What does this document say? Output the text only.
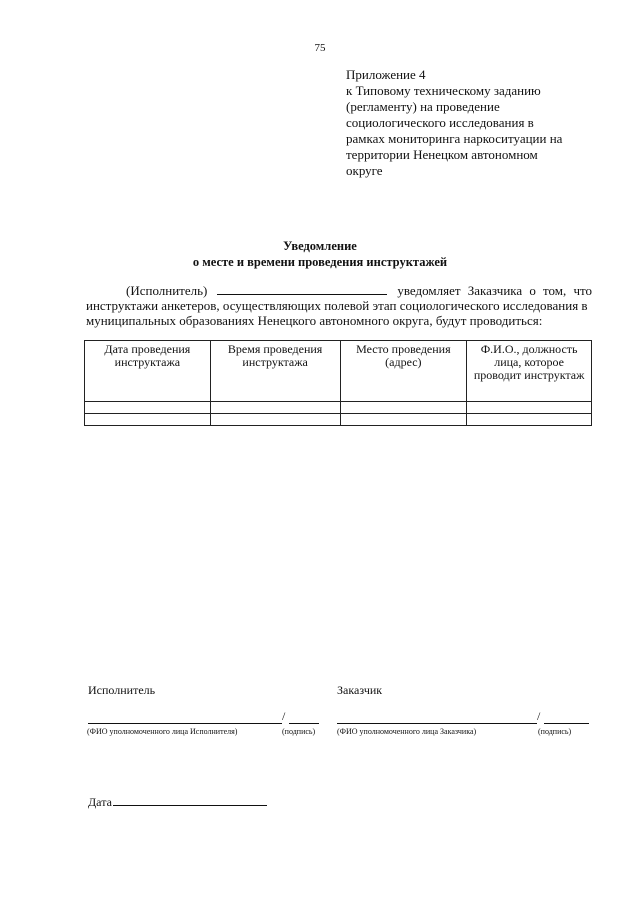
75
Приложение 4
к Типовому техническому заданию
(регламенту) на проведение
социологического исследования в
рамках мониторинга наркоситуации на
территории Ненецком автономном
округе
Уведомление
о месте и времени проведения инструктажей
(Исполнитель)	уведомляет Заказчика о том, что
инструктажи анкетеров, осуществляющих полевой этап социологического исследования в
муниципальных образованиях Ненецкого автономного округа, будут проводиться:
Дата проведения инструктажа	Время проведения инструктажа	Место проведения (адрес)	Ф.И.О., должность лица, которое проводит инструктаж

Исполнитель
/
(ФИО уполномоченного лица Исполнителя)	(подпись)
Заказчик
/
(ФИО уполномоченного лица Заказчика)	(подпись)
Дата
